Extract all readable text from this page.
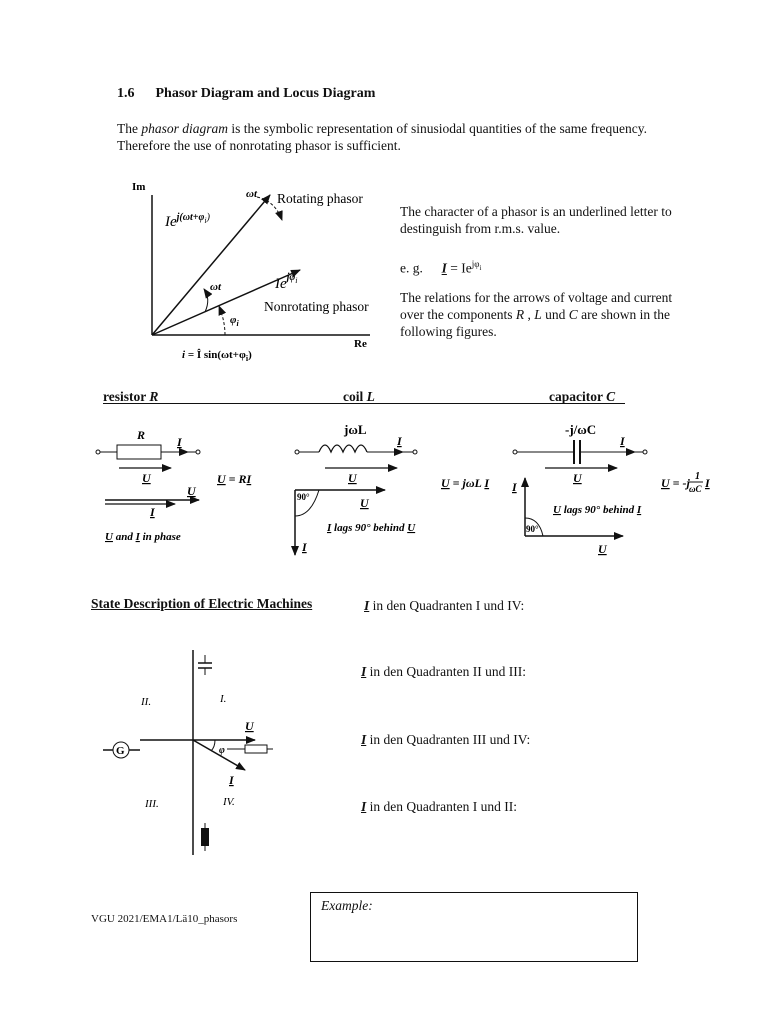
1.6 Phasor Diagram and Locus Diagram
The phasor diagram is the symbolic representation of sinusiodal quantities of the same frequency. Therefore the use of nonrotating phasor is sufficient.
Im
Re
ωt
ωt
$\varphi_i$
$Ie^{j(\omega t+\varphi}_i^)$
$Ie^{j\varphi}_i$
Rotating phasor
Nonrotating phasor
i = Î $\sin(\omega t+\varphi_i)$
The character of a phasor is an underlined letter to destinguish from r.m.s. value.
e. g. $I = Ie^{j\varphi_i}$
The relations for the arrows of voltage and current over the components R , L und C are shown in the following figures.
resistor R	coil L	capacitor C
R	I
U	U = RI
U
I
U and I in phase
jωL
I
U	U = jωL I
90°	U
I
I lags 90° behind U
-j/ωC
I
U	U = -j 1
ωC I
90°
I
U
U lags 90° behind I
State Description of Electric Machines	I in den Quadranten I und IV:
I in den Quadranten II und III:
I in den Quadranten III und IV:
I in den Quadranten I und II:
G	φ
U
I
I.
II.
III.	IV.
VGU 2021/EMA1/Lä10_phasors
Example:
